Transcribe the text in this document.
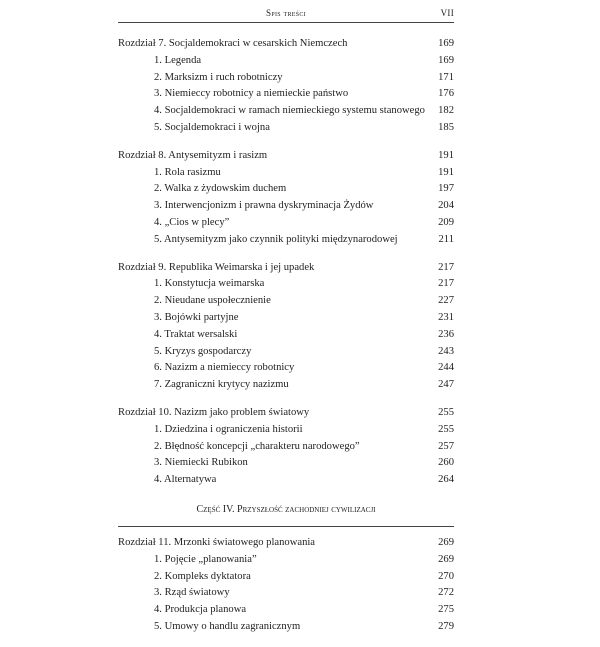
Spis treści	VII
Rozdział 7. Socjaldemokraci w cesarskich Niemczech	169
1. Legenda	169
2. Marksizm i ruch robotniczy	171
3. Niemieccy robotnicy a niemieckie państwo	176
4. Socjaldemokraci w ramach niemieckiego systemu stanowego 182
5. Socjaldemokraci i wojna	185
Rozdział 8. Antysemityzm i rasizm	191
1. Rola rasizmu	191
2. Walka z żydowskim duchem	197
3. Interwencjonizm i prawna dyskryminacja Żydów	204
4. „Cios w plecy”	209
5. Antysemityzm jako czynnik polityki międzynarodowej	211
Rozdział 9. Republika Weimarska i jej upadek	217
1. Konstytucja weimarska	217
2. Nieudane uspołecznienie	227
3. Bojówki partyjne	231
4. Traktat wersalski	236
5. Kryzys gospodarczy	243
6. Nazizm a niemieccy robotnicy	244
7. Zagraniczni krytycy nazizmu	247
Rozdział 10. Nazizm jako problem światowy	255
1. Dziedzina i ograniczenia historii	255
2. Błędność koncepcji „charakteru narodowego”	257
3. Niemiecki Rubikon	260
4. Alternatywa	264
Część IV. Przyszłość zachodniej cywilizacji
Rozdział 11. Mrzonki światowego planowania	269
1. Pojęcie „planowania”	269
2. Kompleks dyktatora	270
3. Rząd światowy	272
4. Produkcja planowa	275
5. Umowy o handlu zagranicznym	279
